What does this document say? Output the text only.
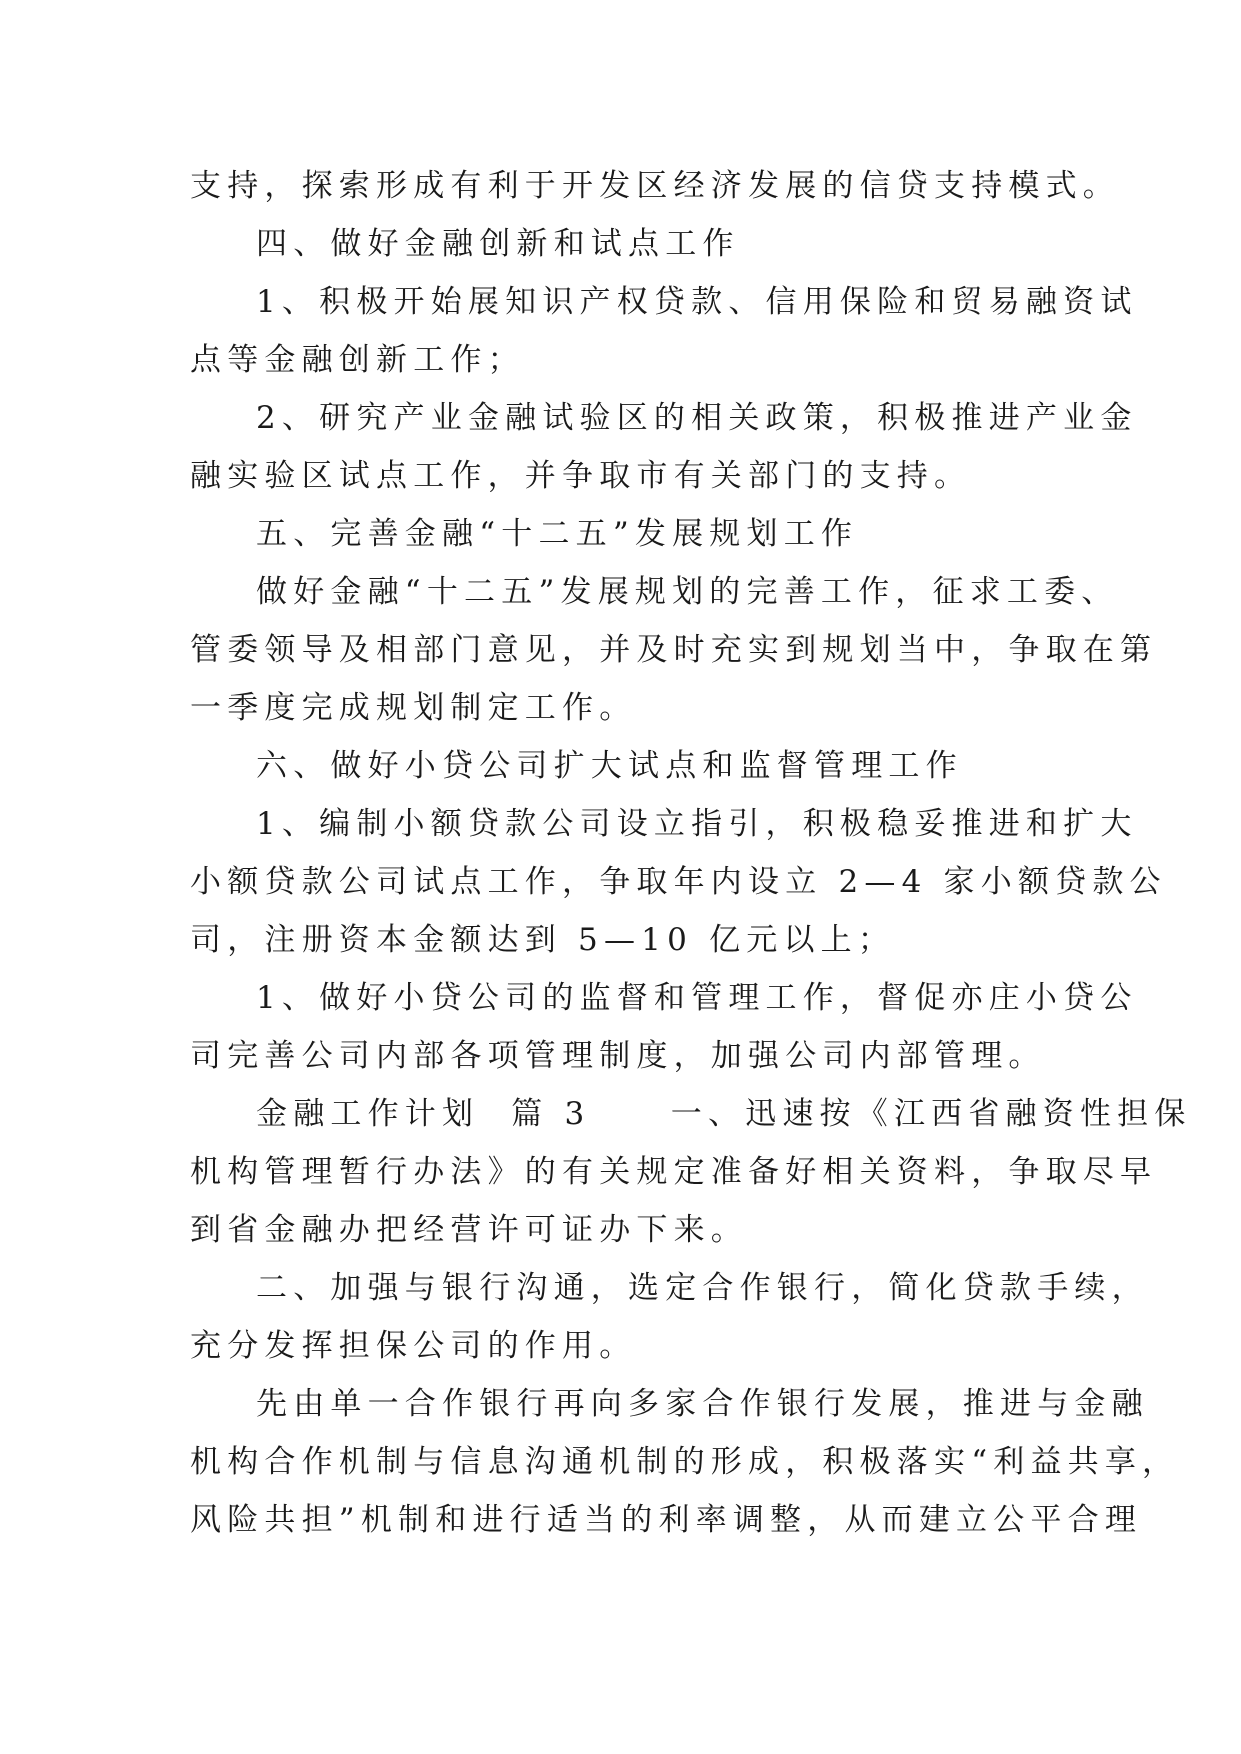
支持，探索形成有利于开发区经济发展的信贷支持模式。
四、做好金融创新和试点工作
1、积极开始展知识产权贷款、信用保险和贸易融资试
点等金融创新工作；
2、研究产业金融试验区的相关政策，积极推进产业金
融实验区试点工作，并争取市有关部门的支持。
五、完善金融“十二五”发展规划工作
做好金融“十二五”发展规划的完善工作，征求工委、
管委领导及相部门意见，并及时充实到规划当中，争取在第
一季度完成规划制定工作。
六、做好小贷公司扩大试点和监督管理工作
1、编制小额贷款公司设立指引，积极稳妥推进和扩大
小额贷款公司试点工作，争取年内设立 2—4 家小额贷款公
司，注册资本金额达到 5—10 亿元以上；
1、做好小贷公司的监督和管理工作，督促亦庄小贷公
司完善公司内部各项管理制度，加强公司内部管理。
金融工作计划  篇 3     一、迅速按《江西省融资性担保
机构管理暂行办法》的有关规定准备好相关资料，争取尽早
到省金融办把经营许可证办下来。
二、加强与银行沟通，选定合作银行，简化贷款手续，
充分发挥担保公司的作用。
先由单一合作银行再向多家合作银行发展，推进与金融
机构合作机制与信息沟通机制的形成，积极落实“利益共享，
风险共担”机制和进行适当的利率调整，从而建立公平合理
